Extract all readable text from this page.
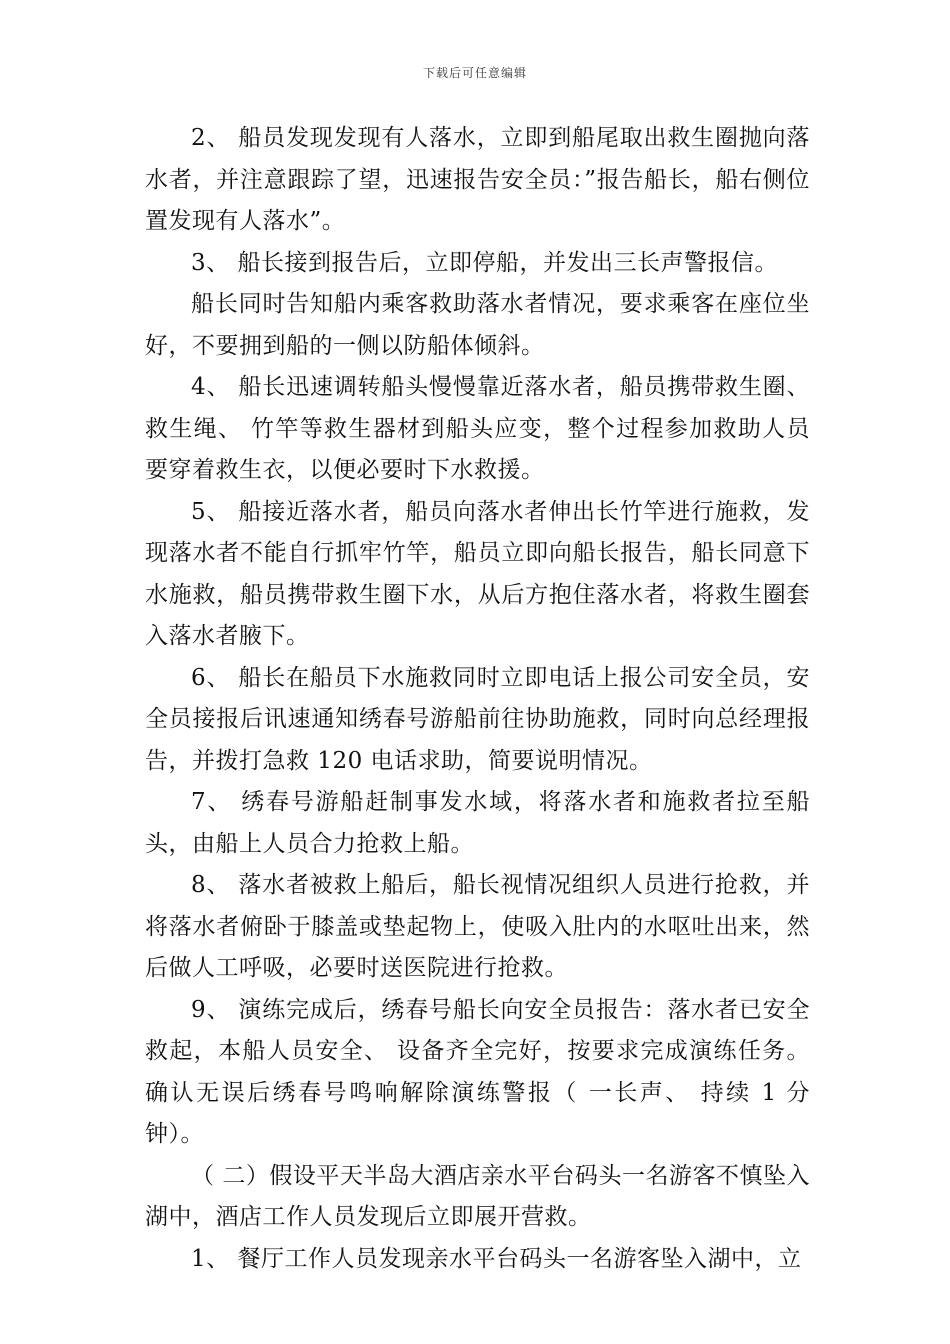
下载后可任意编辑

2、 船员发现发现有人落水，立即到船尾取出救生圈抛向落水者，并注意跟踪了望，迅速报告安全员：”报告船长，船右侧位置发现有人落水”。

3、 船长接到报告后，立即停船，并发出三长声警报信。

船长同时告知船内乘客救助落水者情况，要求乘客在座位坐好，不要拥到船的一侧以防船体倾斜。

4、 船长迅速调转船头慢慢靠近落水者，船员携带救生圈、救生绳、 竹竿等救生器材到船头应变，整个过程参加救助人员要穿着救生衣，以便必要时下水救援。

5、 船接近落水者，船员向落水者伸出长竹竿进行施救，发现落水者不能自行抓牢竹竿，船员立即向船长报告，船长同意下水施救，船员携带救生圈下水，从后方抱住落水者，将救生圈套入落水者腋下。

6、 船长在船员下水施救同时立即电话上报公司安全员，安全员接报后讯速通知绣春号游船前往协助施救，同时向总经理报告，并拨打急救 120 电话求助，简要说明情况。

7、 绣春号游船赶制事发水域，将落水者和施救者拉至船头，由船上人员合力抢救上船。

8、 落水者被救上船后，船长视情况组织人员进行抢救，并将落水者俯卧于膝盖或垫起物上，使吸入肚内的水呕吐出来，然后做人工呼吸，必要时送医院进行抢救。

9、 演练完成后，绣春号船长向安全员报告：落水者已安全救起，本船人员安全、 设备齐全完好，按要求完成演练任务。确认无误后绣春号鸣响解除演练警报（ 一长声、 持续 1 分钟）。

（ 二）假设平天半岛大酒店亲水平台码头一名游客不慎坠入湖中，酒店工作人员发现后立即展开营救。

1、 餐厅工作人员发现亲水平台码头一名游客坠入湖中，立
